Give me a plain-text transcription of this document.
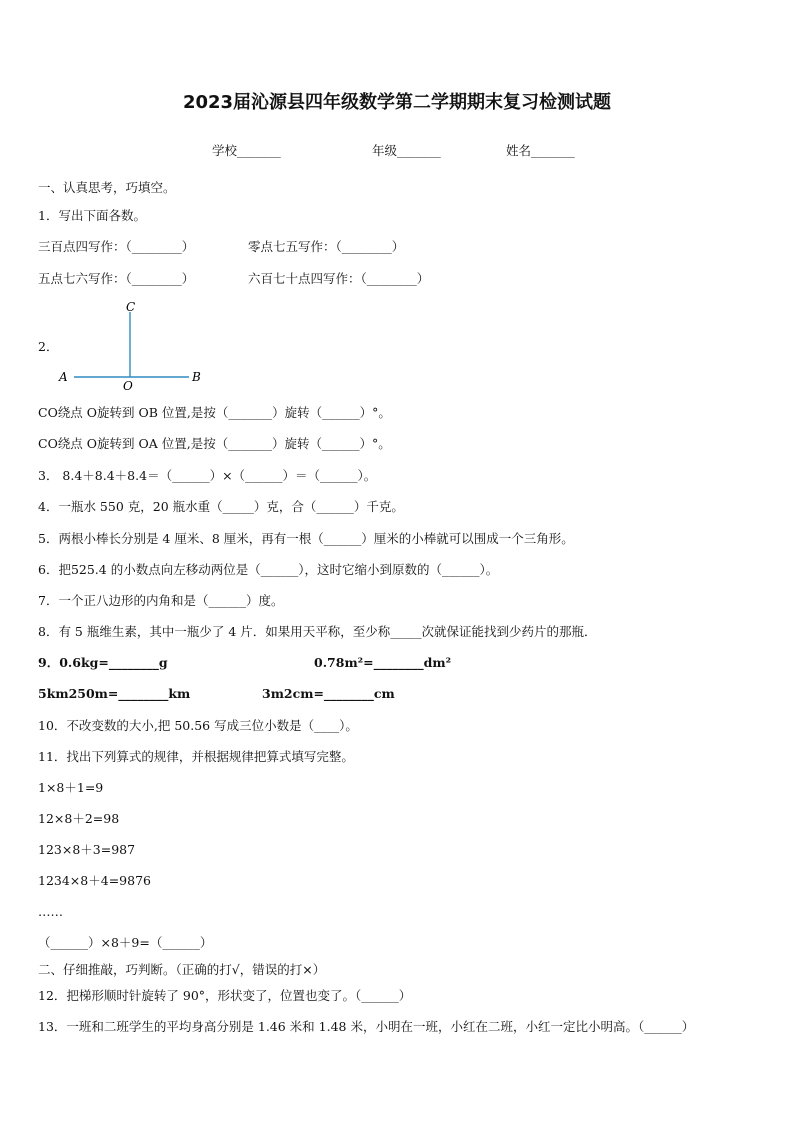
2023届沁源县四年级数学第二学期期末复习检测试题
学校_______	年级_______	姓名_______
一、认真思考，巧填空。
1．写出下面各数。
三百点四写作：（________）	零点七五写作：（________）
五点七六写作：（________）	六百七十点四写作：（________）
2．
C
A
O
B
CO绕点 O旋转到 OB 位置,是按（_______）旋转（______）°。
CO绕点 O旋转到 OA 位置,是按（_______）旋转（______）°。
3． 8.4＋8.4＋8.4＝（______）×（______）＝（______）。
4．一瓶水 550 克，20 瓶水重（_____）克，合（______）千克。
5．两根小棒长分别是 4 厘米、8 厘米，再有一根（______）厘米的小棒就可以围成一个三角形。
6．把525.4 的小数点向左移动两位是（______），这时它缩小到原数的（______）。
7．一个正八边形的内角和是（______）度。
8．有 5 瓶维生素，其中一瓶少了 4 片．如果用天平称，至少称_____次就保证能找到少药片的那瓶．
9．0.6kg=________g	0.78m²=________dm²
5km250m=________km	3m2cm=________cm
10．不改变数的大小,把 50.56 写成三位小数是（____）。
11．找出下列算式的规律，并根据规律把算式填写完整。
1×8＋1=9
12×8＋2=98
123×8＋3=987
1234×8＋4=9876
……
（______）×8＋9=（______）
二、仔细推敲，巧判断。（正确的打√，错误的打×）
12．把梯形顺时针旋转了 90°，形状变了，位置也变了。（______）
13．一班和二班学生的平均身高分别是 1.46 米和 1.48 米，小明在一班，小红在二班，小红一定比小明高。（______）
